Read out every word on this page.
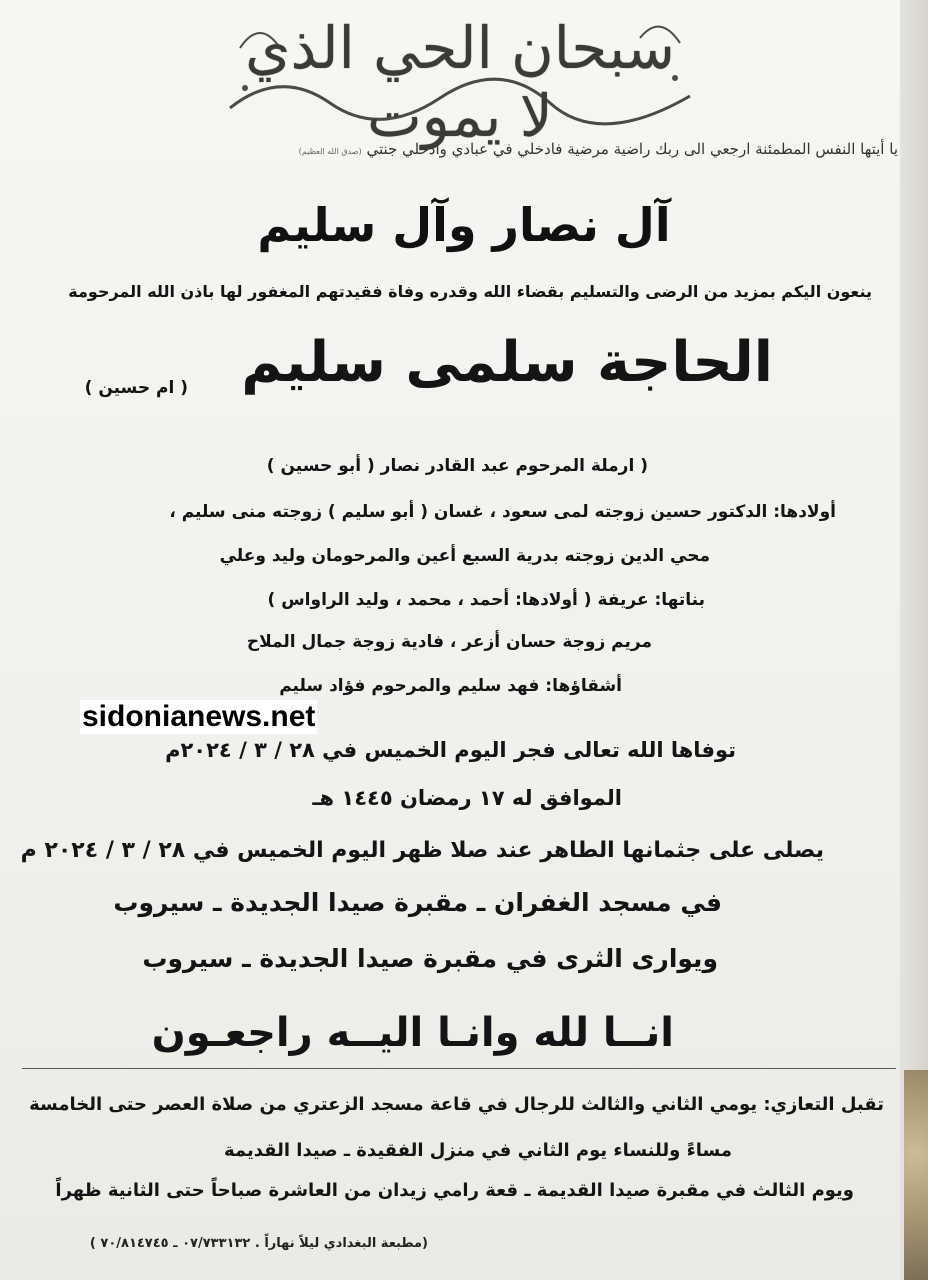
سبحان الحي الذي لا يموت

يا أيتها النفس المطمئنة ارجعي الى ربك راضية مرضية فادخلي في عبادي وادخلي جنتي (صدق الله العظيم)

آل نصار وآل سليم

ينعون اليكم بمزيد من الرضى والتسليم بقضاء الله وقدره وفاة فقيدتهم المغفور لها باذن الله المرحومة

الحاجة سلمى سليم

( ام حسين )

( ارملة المرحوم عبد القادر نصار ( أبو حسين )

أولادها: الدكتور حسين زوجته لمى سعود ، غسان ( أبو سليم ) زوجته منى سليم ،

محي الدين زوجته بدرية السبع أعين والمرحومان وليد وعلي

بناتها: عريفة ( أولادها: أحمد ، محمد ، وليد الراواس )

مريم زوجة حسان أزعر ، فادية زوجة جمال الملاح

أشقاؤها: فهد سليم والمرحوم فؤاد سليم

sidonianews.net

توفاها الله تعالى فجر اليوم الخميس في ٢٨ / ٣ / ٢٠٢٤م

الموافق له ١٧ رمضان ١٤٤٥ هـ

يصلى على جثمانها الطاهر عند صلا ظهر اليوم الخميس في ٢٨ / ٣ / ٢٠٢٤ م

في مسجد الغفران ـ مقبرة صيدا الجديدة ـ سيروب

ويوارى الثرى في مقبرة صيدا الجديدة ـ سيروب

انــا لله وانـا اليــه راجعـون

تقبل التعازي: يومي الثاني والثالث للرجال في قاعة مسجد الزعتري من صلاة العصر حتى الخامسة

مساءً وللنساء يوم الثاني في منزل الفقيدة ـ صيدا القديمة

ويوم الثالث في مقبرة صيدا القديمة ـ قعة رامي زيدان من العاشرة صباحاً حتى الثانية ظهراً

(مطبعة البغدادي ليلاً نهاراً . ٠٧/٧٣٣١٣٢ ـ ٧٠/٨١٤٧٤٥ )
